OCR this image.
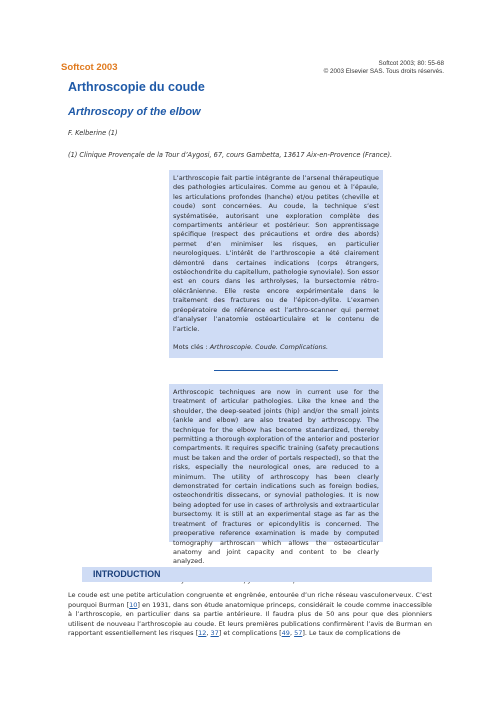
Softcot 2003	Softcot 2003; 80: 55-68
© 2003 Elsevier SAS. Tous droits réservés.
Arthroscopie du coude
Arthroscopy of the elbow
F. Kelberine (1)
(1) Clinique Provençale de la Tour d’Aygosi, 67, cours Gambetta, 13617 Aix-en-Provence (France).

L’arthroscopie fait partie intégrante de l’arsenal thérapeutique des pathologies articulaires. Comme au genou et à l’épaule, les articulations profondes (hanche) et/ou petites (cheville et coude) sont concernées. Au coude, la technique s’est systématisée, autorisant une exploration complète des compartiments antérieur et postérieur. Son apprentissage spécifique (respect des précautions et ordre des abords) permet d’en minimiser les risques, en particulier neurologiques. L’intérêt de l’arthroscopie a été clairement démontré dans certaines indications (corps étrangers, ostéochondrite du capitellum, pathologie synoviale). Son essor est en cours dans les arthrolyses, la bursectomie rétro-olécrânienne. Elle reste encore expérimentale dans le traitement des fractures ou de l’épicon-dylite. L’examen préopératoire de référence est l’arthro-scanner qui permet d’analyser l’anatomie ostéoarticulaire et le contenu de l’article.

Mots clés : Arthroscopie. Coude. Complications.

Arthroscopic techniques are now in current use for the treatment of articular pathologies. Like the knee and the shoulder, the deep-seated joints (hip) and/or the small joints (ankle and elbow) are also treated by arthroscopy. The technique for the elbow has become standardized, thereby permitting a thorough exploration of the anterior and posterior compartments. It requires specific training (safety precautions must be taken and the order of portals respected), so that the risks, especially the neurological ones, are reduced to a minimum. The utility of arthroscopy has been clearly demonstrated for certain indications such as foreign bodies, osteochondritis dissecans, or synovial pathologies. It is now being adopted for use in cases of arthrolysis and extraarticular bursectomy. It is still at an experimental stage as far as the treatment of fractures or epicondylitis is concerned. The preoperative reference examination is made by computed tomography arthroscan which allows the osteoarticular anatomy and joint capacity and content to be clearly analyzed.

INTRODUCTION

Le coude est une petite articulation congruente et engrènée, entourée d’un riche réseau vasculonerveux. C’est pourquoi Burman [10] en 1931, dans son étude anatomique princeps, considérait le coude comme inaccessible à l’arthroscopie, en particulier dans sa partie antérieure. Il faudra plus de 50 ans pour que des pionniers utilisent de nouveau l’arthroscopie au coude. Et leurs premières publications confirmèrent l’avis de Burman en rapportant essentiellement les risques [12, 37] et complications [49, 57]. Le taux de complications de
